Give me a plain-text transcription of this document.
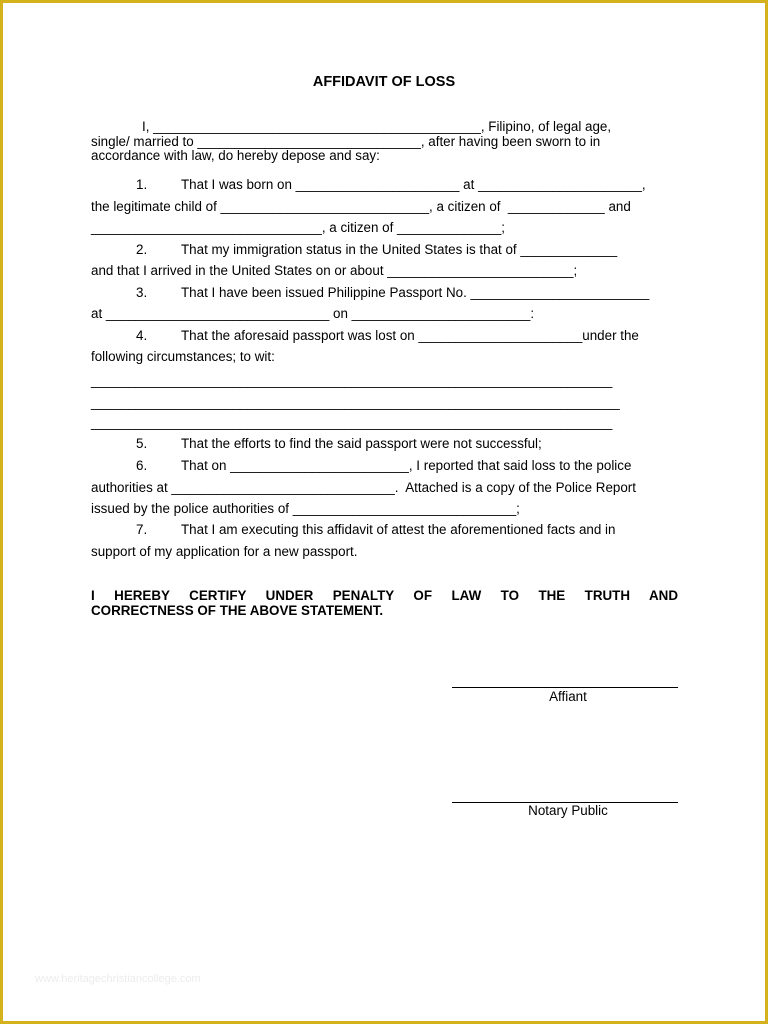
AFFIDAVIT OF LOSS
I, ____________________________________________, Filipino, of legal age,
single/ married to ______________________________, after having been sworn to in
accordance with law, do hereby depose and say:
1.	That I was born on ______________________ at ______________________,
the legitimate child of ____________________________, a citizen of  _____________ and
_______________________________, a citizen of ______________;
2.	That my immigration status in the United States is that of _____________
and that I arrived in the United States on or about _________________________;
3.	That I have been issued Philippine Passport No. ________________________
at ______________________________ on ________________________:
4.	That the aforesaid passport was lost on ______________________under the
following circumstances; to wit:
______________________________________________________________________
_______________________________________________________________________
______________________________________________________________________
5.	That the efforts to find the said passport were not successful;
6.	That on ________________________, I reported that said loss to the police
authorities at ______________________________.  Attached is a copy of the Police Report
issued by the police authorities of ______________________________;
7.	That I am executing this affidavit of attest the aforementioned facts and in
support of my application for a new passport.
I HEREBY CERTIFY UNDER PENALTY OF LAW TO THE TRUTH AND
CORRECTNESS OF THE ABOVE STATEMENT.
Affiant
Notary Public
www.heritagechristiancollege.com
